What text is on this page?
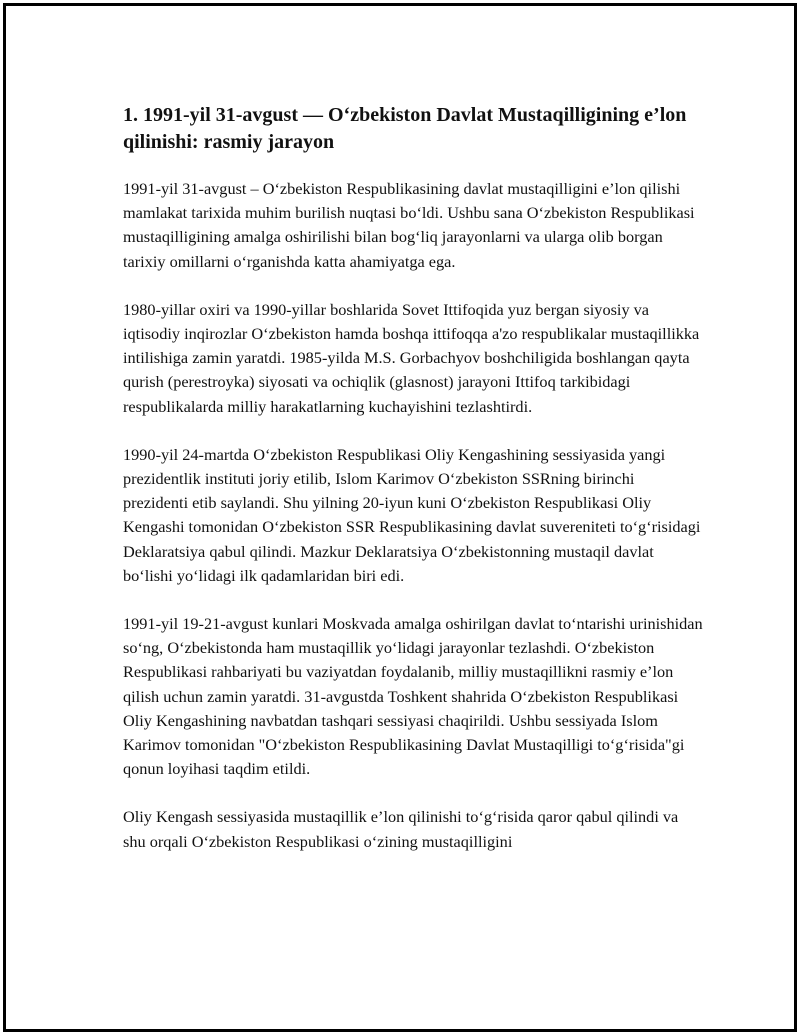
1. 1991-yil 31-avgust — O‘zbekiston Davlat Mustaqilligining e’lon qilinishi: rasmiy jarayon

1991-yil 31-avgust – O‘zbekiston Respublikasining davlat mustaqilligini e’lon qilishi mamlakat tarixida muhim burilish nuqtasi bo‘ldi. Ushbu sana O‘zbekiston Respublikasi mustaqilligining amalga oshirilishi bilan bog‘liq jarayonlarni va ularga olib borgan tarixiy omillarni o‘rganishda katta ahamiyatga ega.

1980-yillar oxiri va 1990-yillar boshlarida Sovet Ittifoqida yuz bergan siyosiy va iqtisodiy inqirozlar O‘zbekiston hamda boshqa ittifoqqa a'zo respublikalar mustaqillikka intilishiga zamin yaratdi. 1985-yilda M.S. Gorbachyov boshchiligida boshlangan qayta qurish (perestroyka) siyosati va ochiqlik (glasnost) jarayoni Ittifoq tarkibidagi respublikalarda milliy harakatlarning kuchayishini tezlashtirdi.

1990-yil 24-martda O‘zbekiston Respublikasi Oliy Kengashining sessiyasida yangi prezidentlik instituti joriy etilib, Islom Karimov O‘zbekiston SSRning birinchi prezidenti etib saylandi. Shu yilning 20-iyun kuni O‘zbekiston Respublikasi Oliy Kengashi tomonidan O‘zbekiston SSR Respublikasining davlat suvereniteti to‘g‘risidagi Deklaratsiya qabul qilindi. Mazkur Deklaratsiya O‘zbekistonning mustaqil davlat bo‘lishi yo‘lidagi ilk qadamlaridan biri edi.

1991-yil 19-21-avgust kunlari Moskvada amalga oshirilgan davlat to‘ntarishi urinishidan so‘ng, O‘zbekistonda ham mustaqillik yo‘lidagi jarayonlar tezlashdi. O‘zbekiston Respublikasi rahbariyati bu vaziyatdan foydalanib, milliy mustaqillikni rasmiy e’lon qilish uchun zamin yaratdi. 31-avgustda Toshkent shahrida O‘zbekiston Respublikasi Oliy Kengashining navbatdan tashqari sessiyasi chaqirildi. Ushbu sessiyada Islom Karimov tomonidan "O‘zbekiston Respublikasining Davlat Mustaqilligi to‘g‘risida"gi qonun loyihasi taqdim etildi.

Oliy Kengash sessiyasida mustaqillik e’lon qilinishi to‘g‘risida qaror qabul qilindi va shu orqali O‘zbekiston Respublikasi o‘zining mustaqilligini
